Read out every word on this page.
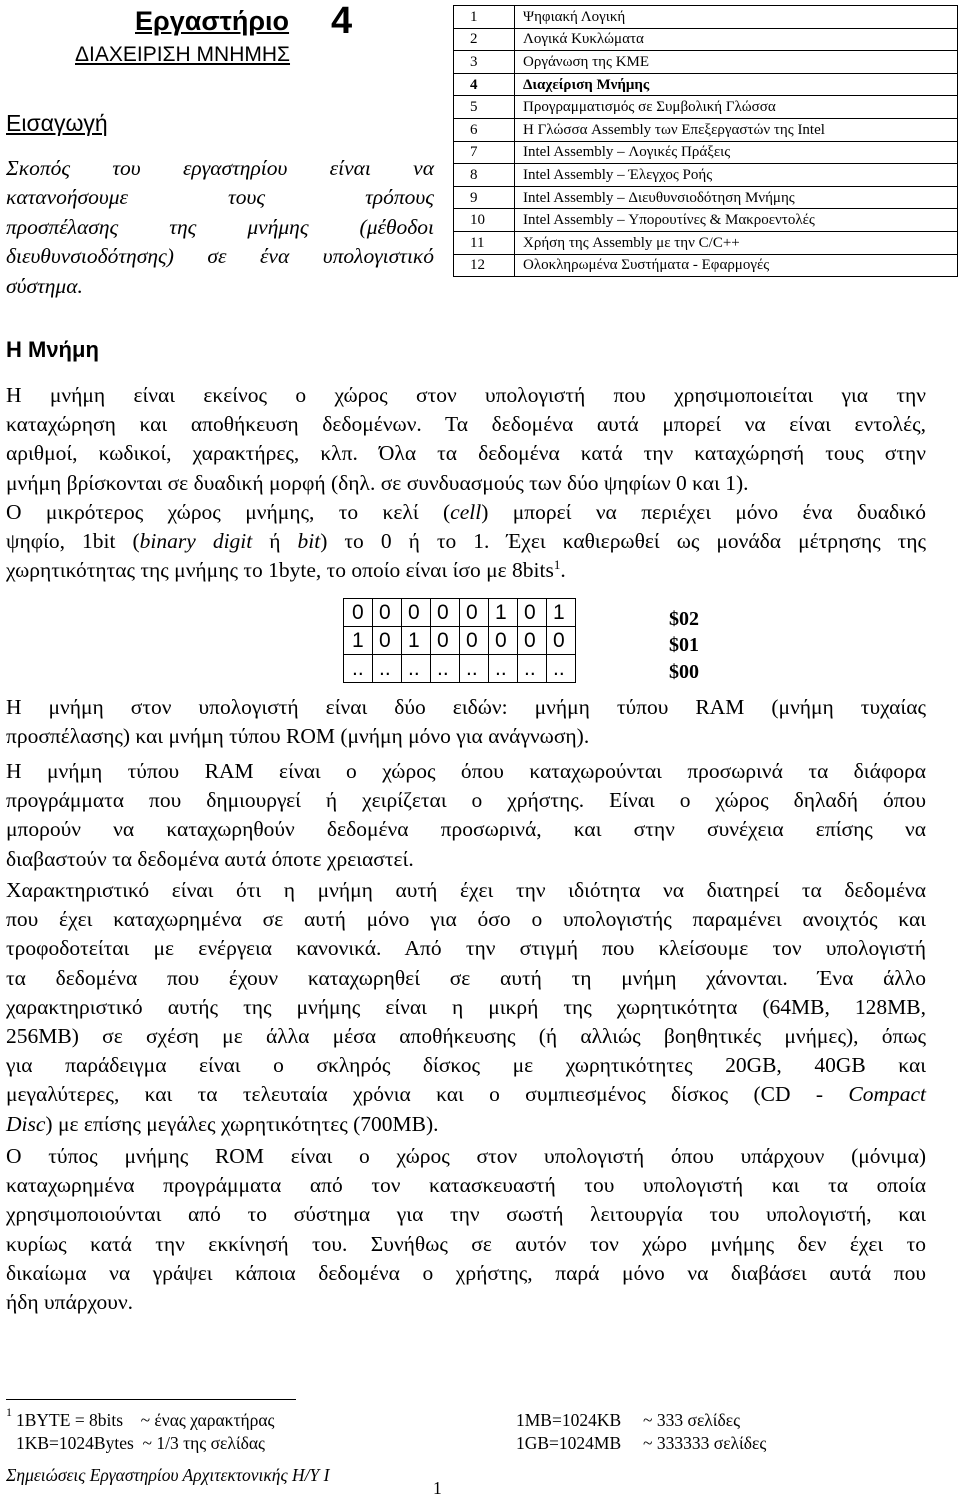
Εργαστήριο 4
ΔΙΑΧΕΙΡΙΣΗ ΜΝΗΜΗΣ
Εισαγωγή
Σκοπός του εργαστηρίου είναι να
κατανοήσουμε τους τρόπους
προσπέλασης της μνήμης (μέθοδοι
διευθυνσιοδότησης) σε ένα υπολογιστικό
σύστημα.
1	Ψηφιακή Λογική
2	Λογικά Κυκλώματα
3	Οργάνωση της ΚΜΕ
4	Διαχείριση Μνήμης
5	Προγραμματισμός σε Συμβολική Γλώσσα
6	Η Γλώσσα Assembly των Επεξεργαστών της Intel
7	Intel Assembly – Λογικές Πράξεις
8	Intel Assembly – Έλεγχος Ροής
9	Intel Assembly – Διευθυνσιοδότηση Μνήμης
10	Intel Assembly – Υπορουτίνες & Μακροεντολές
11	Χρήση της Assembly με την C/C++
12	Ολοκληρωμένα Συστήματα - Εφαρμογές
Η Μνήμη
Η μνήμη είναι εκείνος ο χώρος στον υπολογιστή που χρησιμοποιείται για την
καταχώρηση και αποθήκευση δεδομένων. Τα δεδομένα αυτά μπορεί να είναι εντολές,
αριθμοί, κωδικοί, χαρακτήρες, κλπ. Όλα τα δεδομένα κατά την καταχώρησή τους στην
μνήμη βρίσκονται σε δυαδική μορφή (δηλ. σε συνδυασμούς των δύο ψηφίων 0 και 1).
Ο μικρότερος χώρος μνήμης, το κελί (cell) μπορεί να περιέχει μόνο ένα δυαδικό
ψηφίο, 1bit (binary digit ή bit) το 0 ή το 1. Έχει καθιερωθεί ως μονάδα μέτρησης της
χωρητικότητας της μνήμης το 1byte, το οποίο είναι ίσο με 8bits$^1$.
0	0	0	0	0	1	0	1
1	0	1	0	0	0	0	0
..	..	..	..	..	..	..	..
$02
$01
$00
Η μνήμη στον υπολογιστή είναι δύο ειδών: μνήμη τύπου RAM (μνήμη τυχαίας
προσπέλασης) και μνήμη τύπου ROM (μνήμη μόνο για ανάγνωση).
Η μνήμη τύπου RAM είναι ο χώρος όπου καταχωρούνται προσωρινά τα διάφορα
προγράμματα που δημιουργεί ή χειρίζεται ο χρήστης. Είναι ο χώρος δηλαδή όπου
μπορούν να καταχωρηθούν δεδομένα προσωρινά, και στην συνέχεια επίσης να
διαβαστούν τα δεδομένα αυτά όποτε χρειαστεί.
Χαρακτηριστικό είναι ότι η μνήμη αυτή έχει την ιδιότητα να διατηρεί τα δεδομένα
που έχει καταχωρημένα σε αυτή μόνο για όσο ο υπολογιστής παραμένει ανοιχτός και
τροφοδοτείται με ενέργεια κανονικά. Από την στιγμή που κλείσουμε τον υπολογιστή
τα δεδομένα που έχουν καταχωρηθεί σε αυτή τη μνήμη χάνονται. Ένα άλλο
χαρακτηριστικό αυτής της μνήμης είναι η μικρή της χωρητικότητα (64MB, 128MB,
256MB) σε σχέση με άλλα μέσα αποθήκευσης (ή αλλιώς βοηθητικές μνήμες), όπως
για παράδειγμα είναι ο σκληρός δίσκος με χωρητικότητες 20GB, 40GB και
μεγαλύτερες, και τα τελευταία χρόνια και ο συμπιεσμένος δίσκος (CD - Compact
Disc) με επίσης μεγάλες χωρητικότητες (700MB).
Ο τύπος μνήμης ROM είναι ο χώρος στον υπολογιστή όπου υπάρχουν (μόνιμα)
καταχωρημένα προγράμματα από τον κατασκευαστή του υπολογιστή και τα οποία
χρησιμοποιούνται από το σύστημα για την σωστή λειτουργία του υπολογιστή, και
κυρίως κατά την εκκίνησή του. Συνήθως σε αυτόν τον χώρο μνήμης δεν έχει το
δικαίωμα να γράψει κάποια δεδομένα ο χρήστης, παρά μόνο να διαβάσει αυτά που
ήδη υπάρχουν.
1 1BYTE = 8bits    ~ ένας χαρακτήρας
1KB=1024Bytes  ~ 1/3 της σελίδας
1MB=1024KB     ~ 333 σελίδες
1GB=1024MB     ~ 333333 σελίδες
Σημειώσεις Εργαστηρίου Αρχιτεκτονικής Η/Υ Ι
1
